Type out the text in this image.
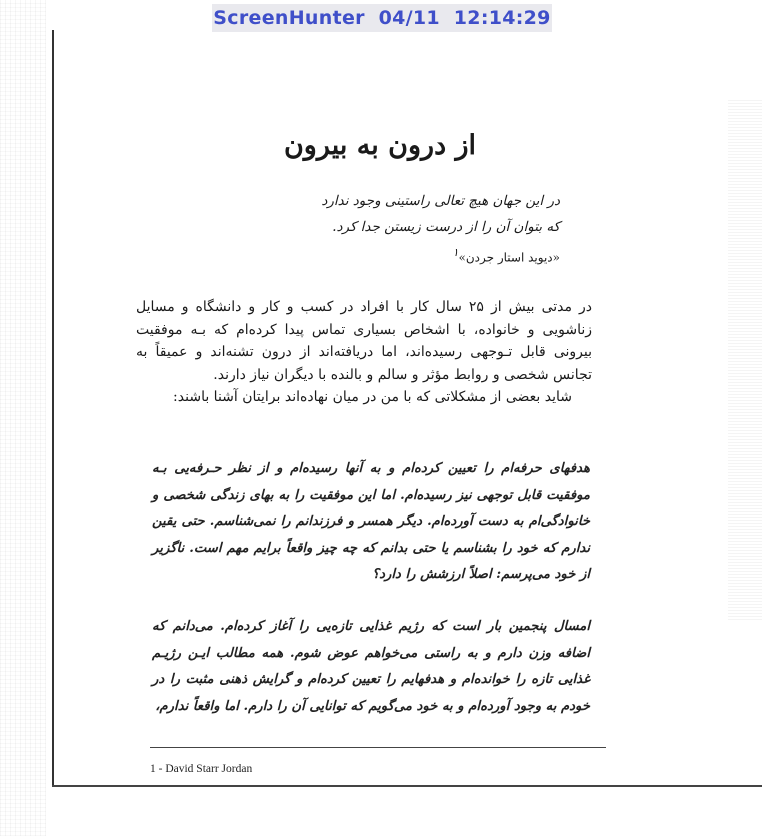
ScreenHunter  04/11  12:14:29
از درون به بیرون
در این جهان هیچ تعالی راستینی وجود ندارد
که بتوان آن را از درست زیستن جدا کرد.
«دیوید استار جردن»$^۱$

در مدتی بیش از ۲۵ سال کار با افراد در کسب و کار و دانشگاه و مسایل زناشویی و خانواده، با اشخاص بسیاری تماس پیدا کرده‌ام که بـه موفقیت بیرونی قابل تـوجهی رسیده‌اند، اما دریافته‌اند از درون تشنه‌اند و عمیقاً به تجانس شخصی و روابط مؤثر و سالم و بالنده با دیگران نیاز دارند.

شاید بعضی از مشکلاتی که با من در میان نهاده‌اند برایتان آشنا باشند:

هدفهای حرفه‌ام را تعیین کرده‌ام و به آنها رسیده‌ام و از نظر حـرفه‌یی بـه موفقیت قابل توجهی نیز رسیده‌ام. اما این موفقیت را به بهای زندگی شخصی و خانوادگی‌ام به دست آورده‌ام. دیگر همسر و فرزندانم را نمی‌شناسم. حتی یقین ندارم که خود را بشناسم یا حتی بدانم که چه چیز واقعاً برایم مهم است. ناگزیر از خود می‌پرسم: اصلاً ارزشش را دارد؟
امسال پنجمین بار است که رژیم غذایی تازه‌یی را آغاز کرده‌ام. می‌دانم که اضافه وزن دارم و به راستی می‌خواهم عوض شوم. همه مطالب ایـن رژیـم غذایی تازه را خوانده‌ام و هدفهایم را تعیین کرده‌ام و گرایش ذهنی مثبت را در خودم به وجود آورده‌ام و به خود می‌گویم که توانایی آن را دارم. اما واقعاً ندارم،
1 - David Starr Jordan
